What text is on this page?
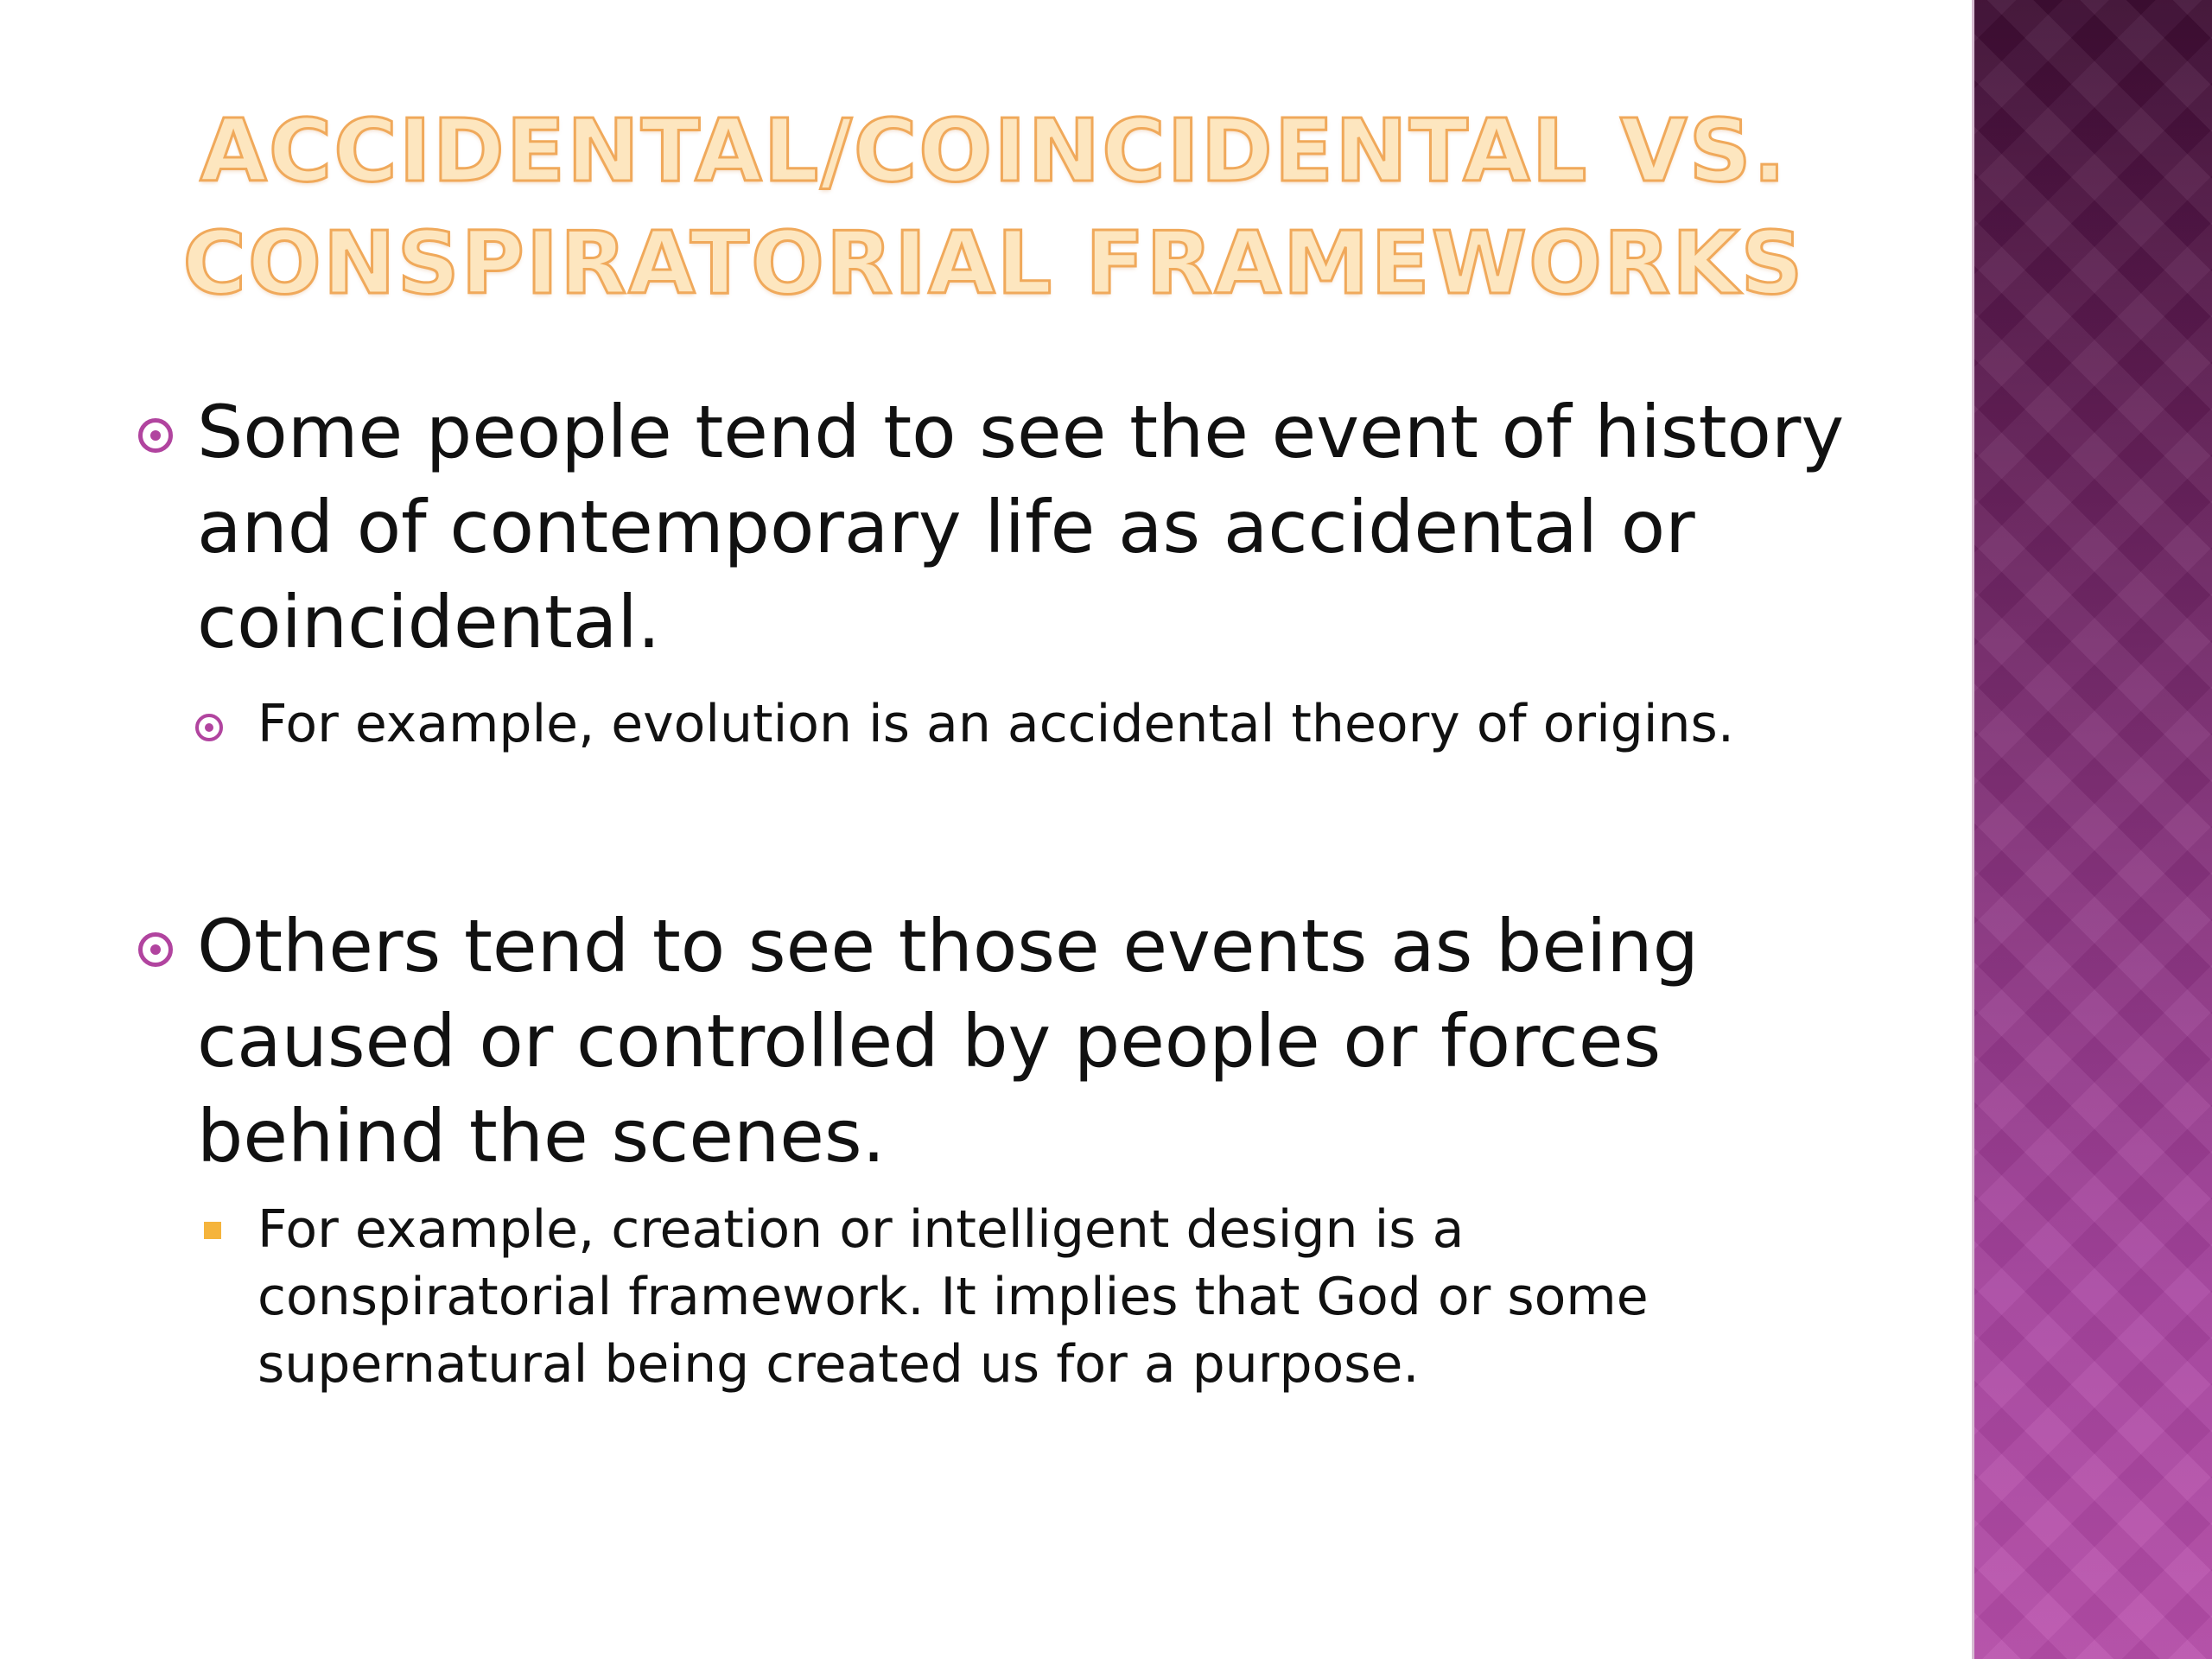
ACCIDENTAL/COINCIDENTAL VS.
CONSPIRATORIAL FRAMEWORKS

Some people tend to see the event of history and of contemporary life as accidental or coincidental.

For example, evolution is an accidental theory of origins.

Others tend to see those events as being caused or controlled by people or forces behind the scenes.

For example, creation or intelligent design is a conspiratorial framework. It implies that God or some supernatural being created us for a purpose.
